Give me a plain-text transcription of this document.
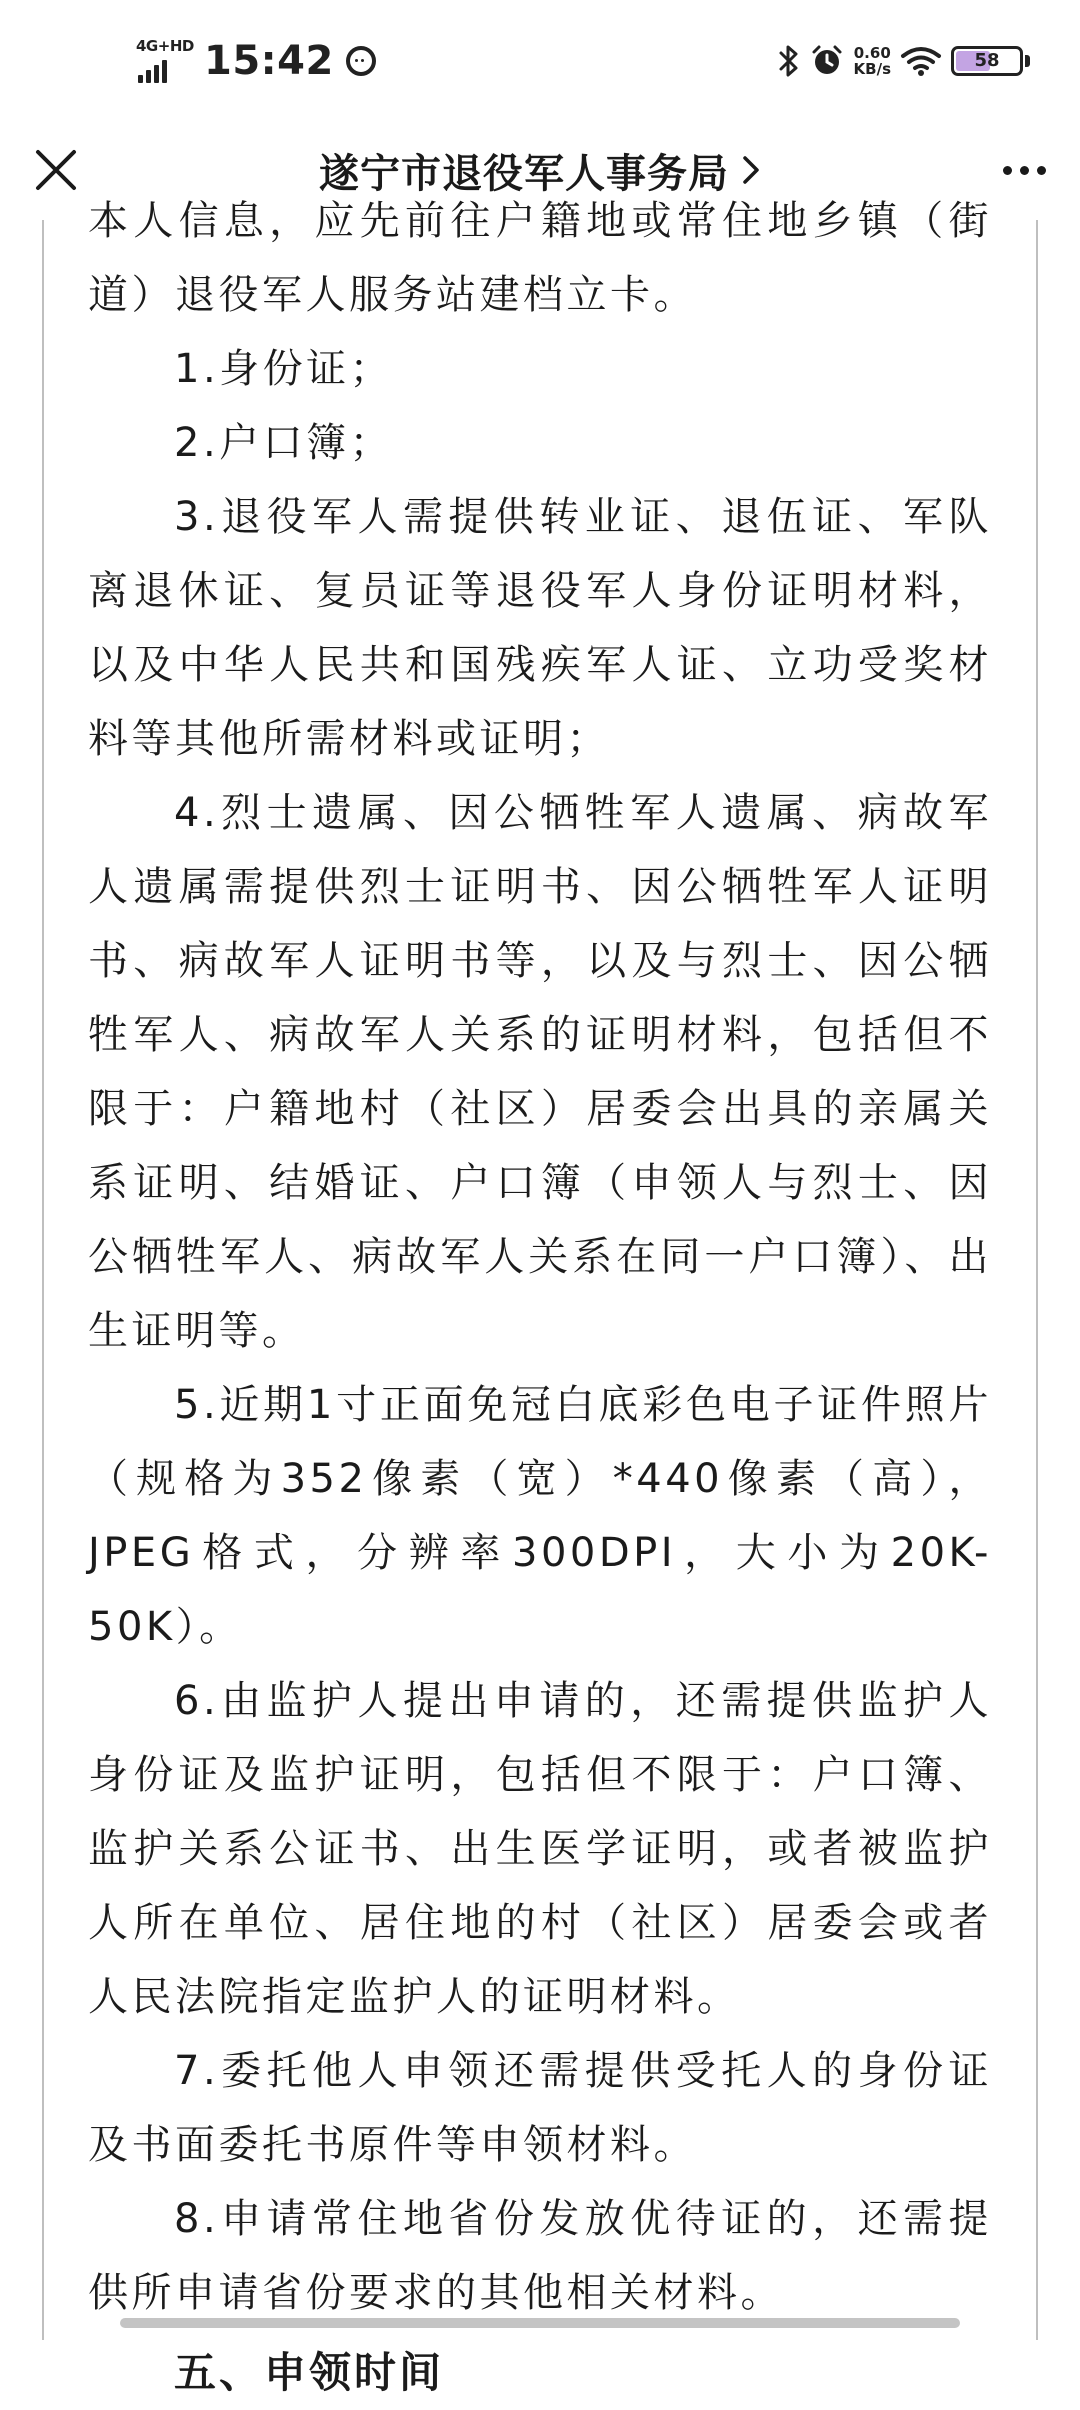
4G+HD 15:42	0.60
KB/s	58
遂宁市退役军人事务局

本人信息，应先前往户籍地或常住地乡镇（街道）退役军人服务站建档立卡。

1.身份证；

2.户口簿；

3.退役军人需提供转业证、退伍证、军队离退休证、复员证等退役军人身份证明材料，以及中华人民共和国残疾军人证、立功受奖材料等其他所需材料或证明；

4.烈士遗属、因公牺牲军人遗属、病故军人遗属需提供烈士证明书、因公牺牲军人证明书、病故军人证明书等，以及与烈士、因公牺牲军人、病故军人关系的证明材料，包括但不限于：户籍地村（社区）居委会出具的亲属关系证明、结婚证、户口簿（申领人与烈士、因公牺牲军人、病故军人关系在同一户口簿）、出生证明等。

5.近期1寸正面免冠白底彩色电子证件照片（规格为352像素（宽）*440像素（高），JPEG格式，分辨率300DPI，大小为20K-50K）。

6.由监护人提出申请的，还需提供监护人身份证及监护证明，包括但不限于：户口簿、监护关系公证书、出生医学证明，或者被监护人所在单位、居住地的村（社区）居委会或者人民法院指定监护人的证明材料。

7.委托他人申领还需提供受托人的身份证及书面委托书原件等申领材料。

8.申请常住地省份发放优待证的，还需提供所申请省份要求的其他相关材料。

五、申领时间
